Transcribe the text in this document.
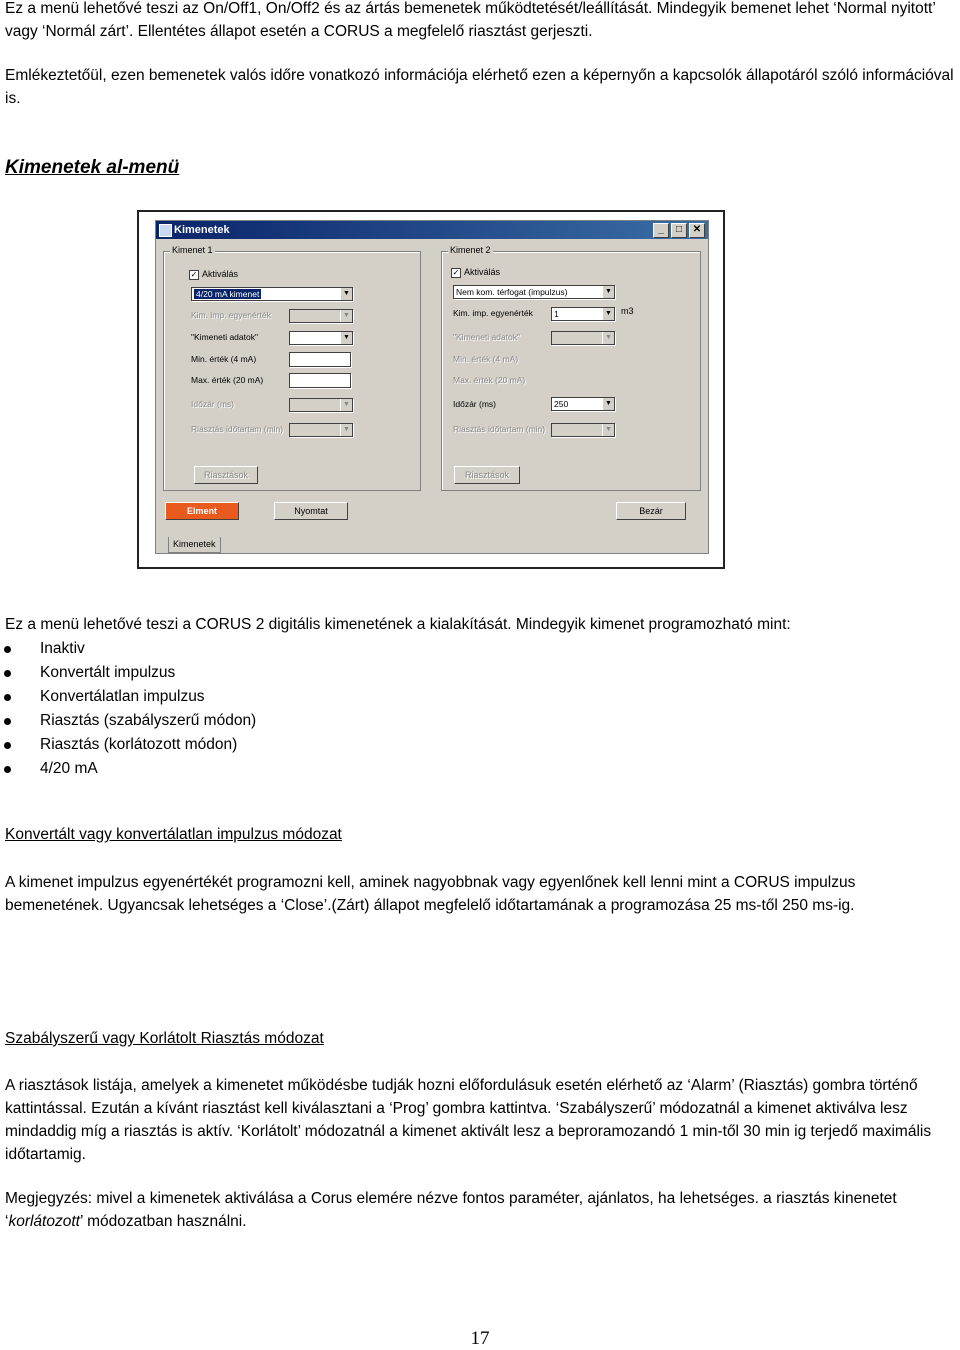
Ez a menü lehetővé teszi az On/Off1, On/Off2 és az ártás bemenetek működtetését/leállítását. Mindegyik bemenet lehet ‘Normal nyitott’ vagy ‘Normál zárt’. Ellentétes állapot esetén a CORUS a megfelelő riasztást gerjeszti.

Emlékeztetőül, ezen bemenetek valós időre vonatkozó információja elérhető ezen a képernyőn a kapcsolók állapotáról szóló információval is.

Kimenetek al-menü

Kimenetek	_	□	✕
Kimenet 1
✓ Aktiválás
4/20 mA kimenet	▼
Kim. imp. egyenérték	▼
"Kimeneti adatok"	▼
Min. érték (4 mA)
Max. érték (20 mA)
Időzár (ms)	▼
Riasztás időtartam (min)	▼
Riasztások
Kimenet 2
✓ Aktiválás
Nem kom. térfogat (impulzus)	▼
Kim. imp. egyenérték	1	▼ m3
"Kimeneti adatok"	▼
Min. érték (4 mA)
Max. érték (20 mA)
Időzár (ms)	250	▼
Riasztás időtartam (min)	▼
Riasztások
Elment	Nyomtat	Bezár
Kimenetek

Ez a menü lehetővé teszi a CORUS 2 digitális kimenetének a kialakítását. Mindegyik kimenet programozható mint:

Inaktiv
Konvertált impulzus
Konvertálatlan impulzus
Riasztás (szabályszerű módon)
Riasztás (korlátozott módon)
4/20 mA

Konvertált vagy konvertálatlan impulzus módozat

A kimenet impulzus egyenértékét programozni kell, aminek nagyobbnak vagy egyenlőnek kell lenni mint a CORUS impulzus bemenetének. Ugyancsak lehetséges a ‘Close’.(Zárt) állapot megfelelő időtartamának a programozása 25 ms-től 250 ms-ig.

Szabályszerű vagy Korlátolt Riasztás módozat

A riasztások listája, amelyek a kimenetet működésbe tudják hozni előfordulásuk esetén elérhető az ‘Alarm’ (Riasztás) gombra történő kattintással. Ezután a kívánt riasztást kell kiválasztani a ‘Prog’ gombra kattintva. ‘Szabályszerű’ módozatnál a kimenet aktiválva lesz mindaddig míg a riasztás is aktív. ‘Korlátolt’ módozatnál a kimenet aktivált lesz a beproramozandó 1 min-től 30 min ig terjedő maximális időtartamig.

Megjegyzés: mivel a kimenetek aktiválása a Corus elemére nézve fontos paraméter, ajánlatos, ha lehetséges. a riasztás kinenetet ‘korlátozott’ módozatban használni.

17
